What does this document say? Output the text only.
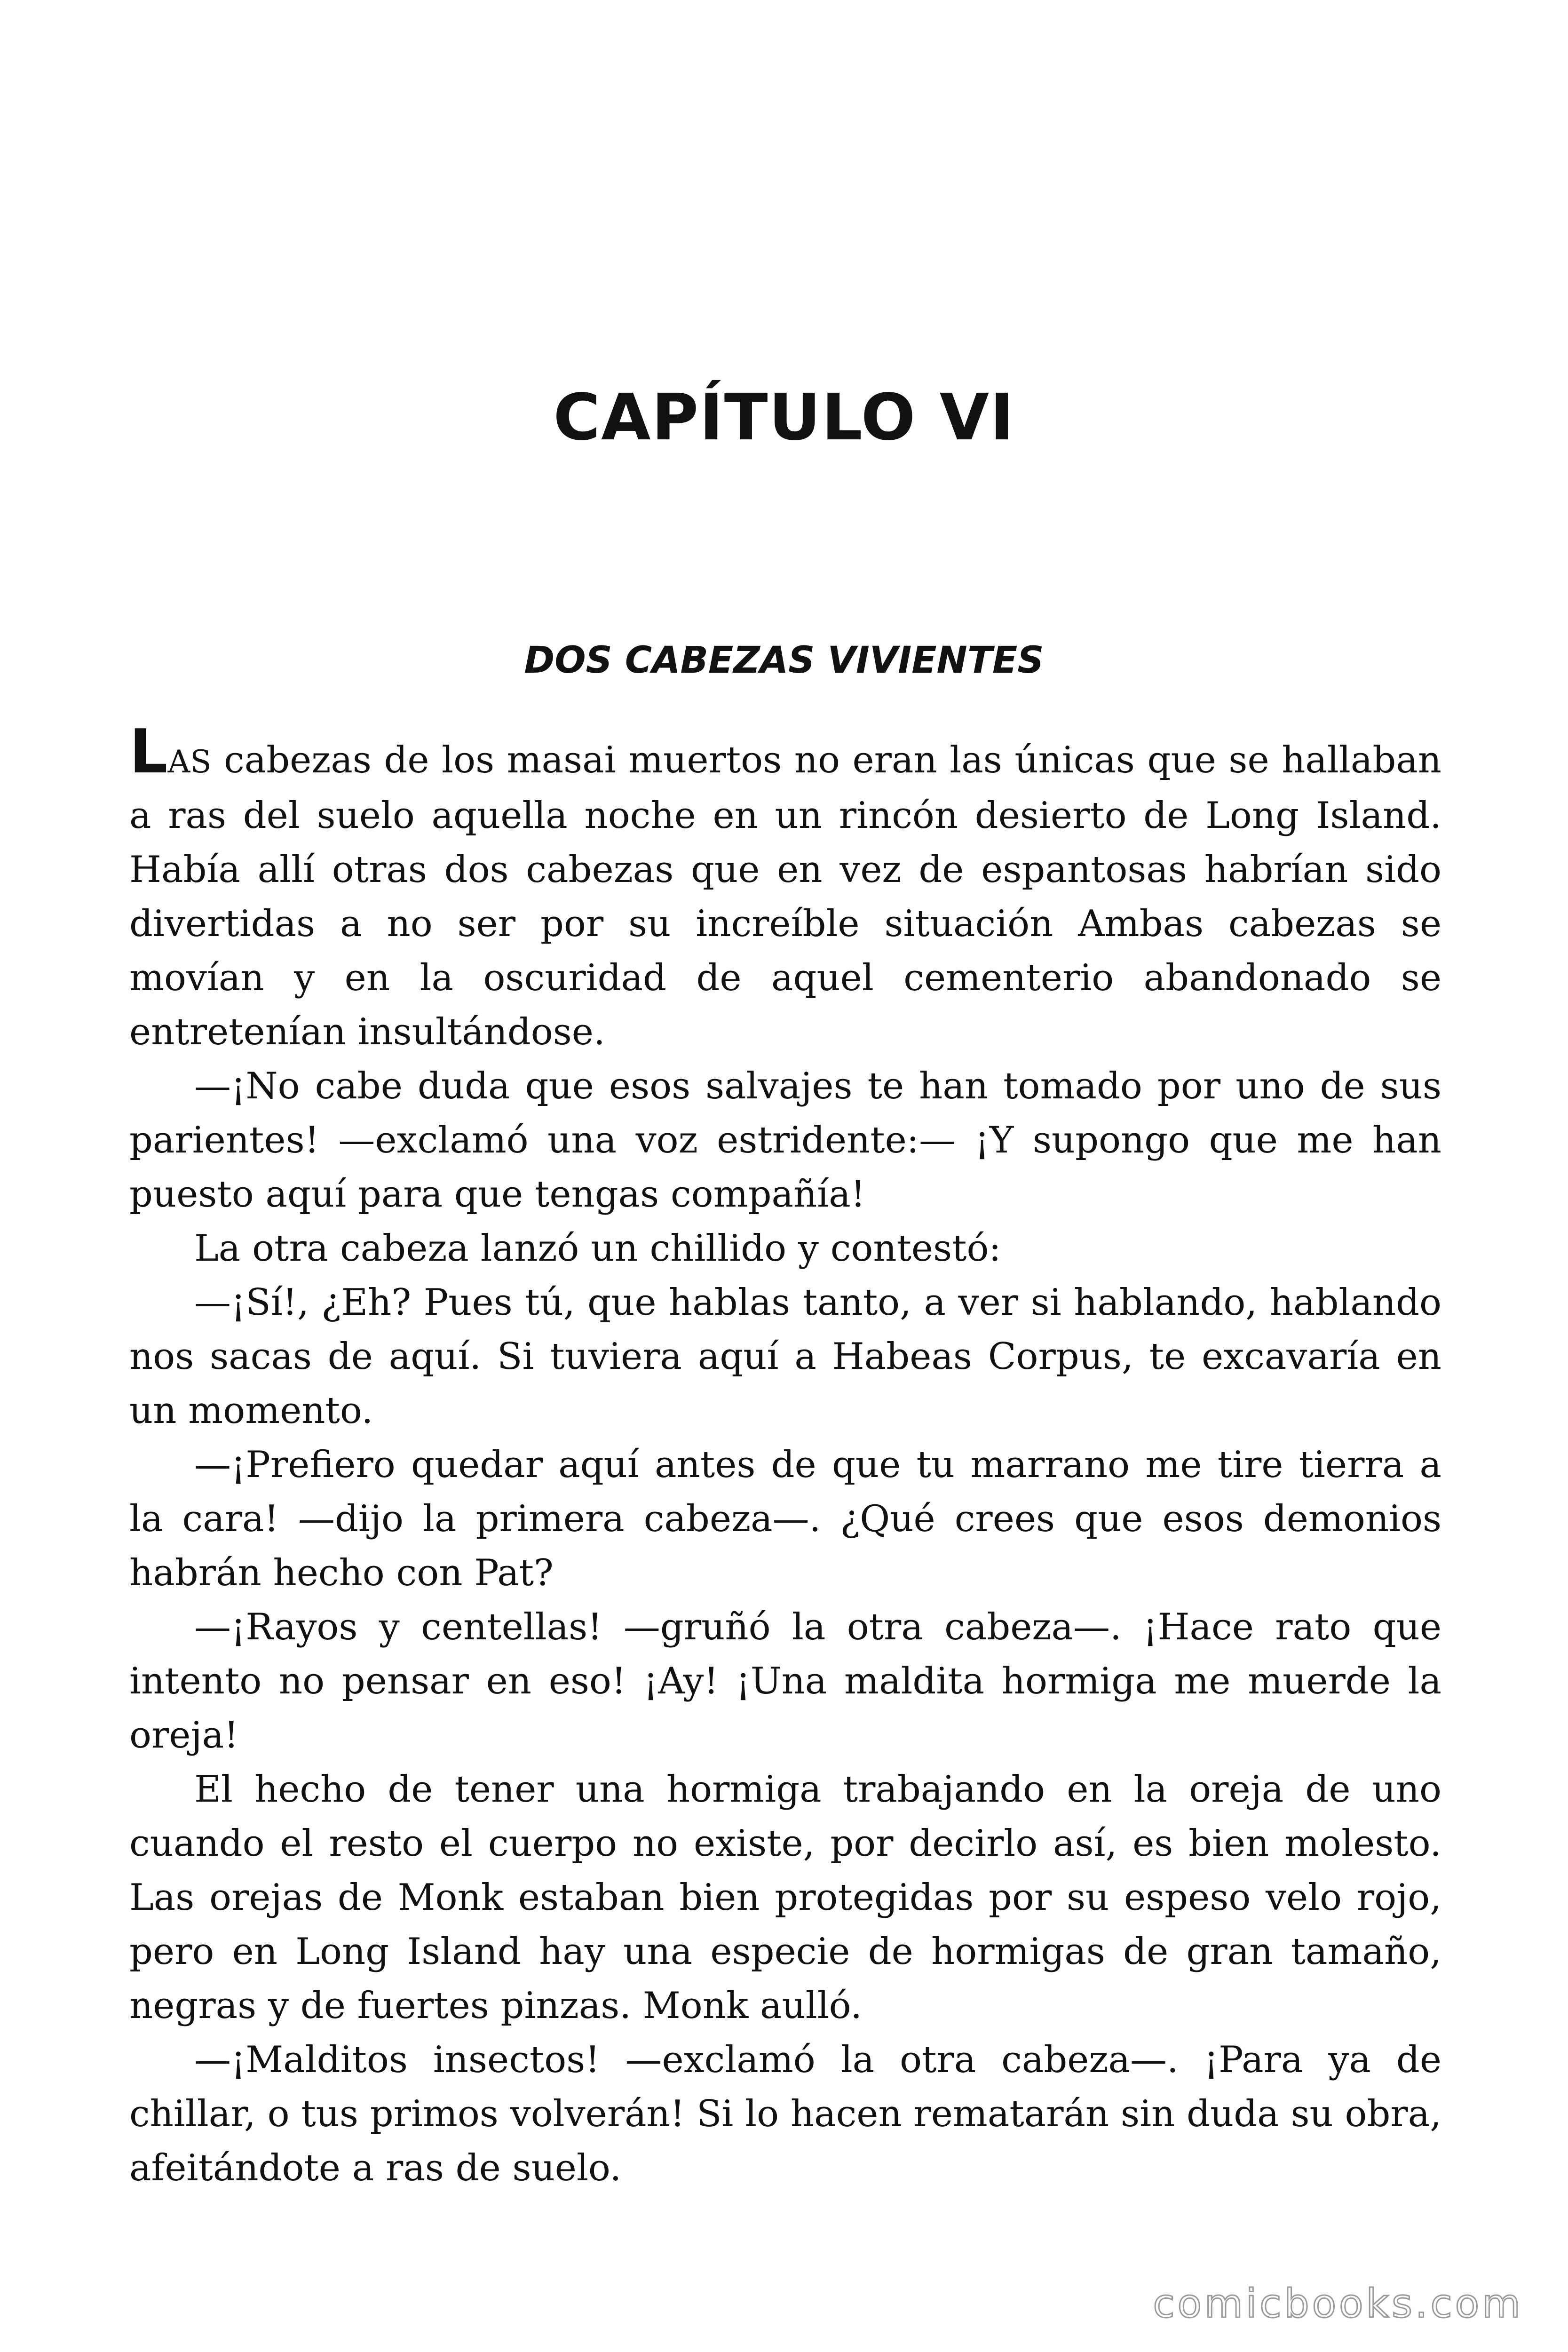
CAPÍTULO VI
DOS CABEZAS VIVIENTES

LAS cabezas de los masai muertos no eran las únicas que se hallaban a ras del suelo aquella noche en un rincón desierto de Long Island. Había allí otras dos cabezas que en vez de espantosas habrían sido divertidas a no ser por su increíble situación Ambas cabezas se movían y en la oscuridad de aquel cementerio abandonado se entretenían insultándose.

—¡No cabe duda que esos salvajes te han tomado por uno de sus parientes! —exclamó una voz estridente:— ¡Y supongo que me han puesto aquí para que tengas compañía!

La otra cabeza lanzó un chillido y contestó:

—¡Sí!, ¿Eh? Pues tú, que hablas tanto, a ver si hablando, hablando nos sacas de aquí. Si tuviera aquí a Habeas Corpus, te excavaría en un momento.

—¡Prefiero quedar aquí antes de que tu marrano me tire tierra a la cara! —dijo la primera cabeza—. ¿Qué crees que esos demonios habrán hecho con Pat?

—¡Rayos y centellas! —gruñó la otra cabeza—. ¡Hace rato que intento no pensar en eso! ¡Ay! ¡Una maldita hormiga me muerde la oreja!

El hecho de tener una hormiga trabajando en la oreja de uno cuando el resto el cuerpo no existe, por decirlo así, es bien molesto. Las orejas de Monk estaban bien protegidas por su espeso velo rojo, pero en Long Island hay una especie de hormigas de gran tamaño, negras y de fuertes pinzas. Monk aulló.

—¡Malditos insectos! —exclamó la otra cabeza—. ¡Para ya de chillar, o tus primos volverán! Si lo hacen rematarán sin duda su obra, afeitándote a ras de suelo.

comicbooks.com
